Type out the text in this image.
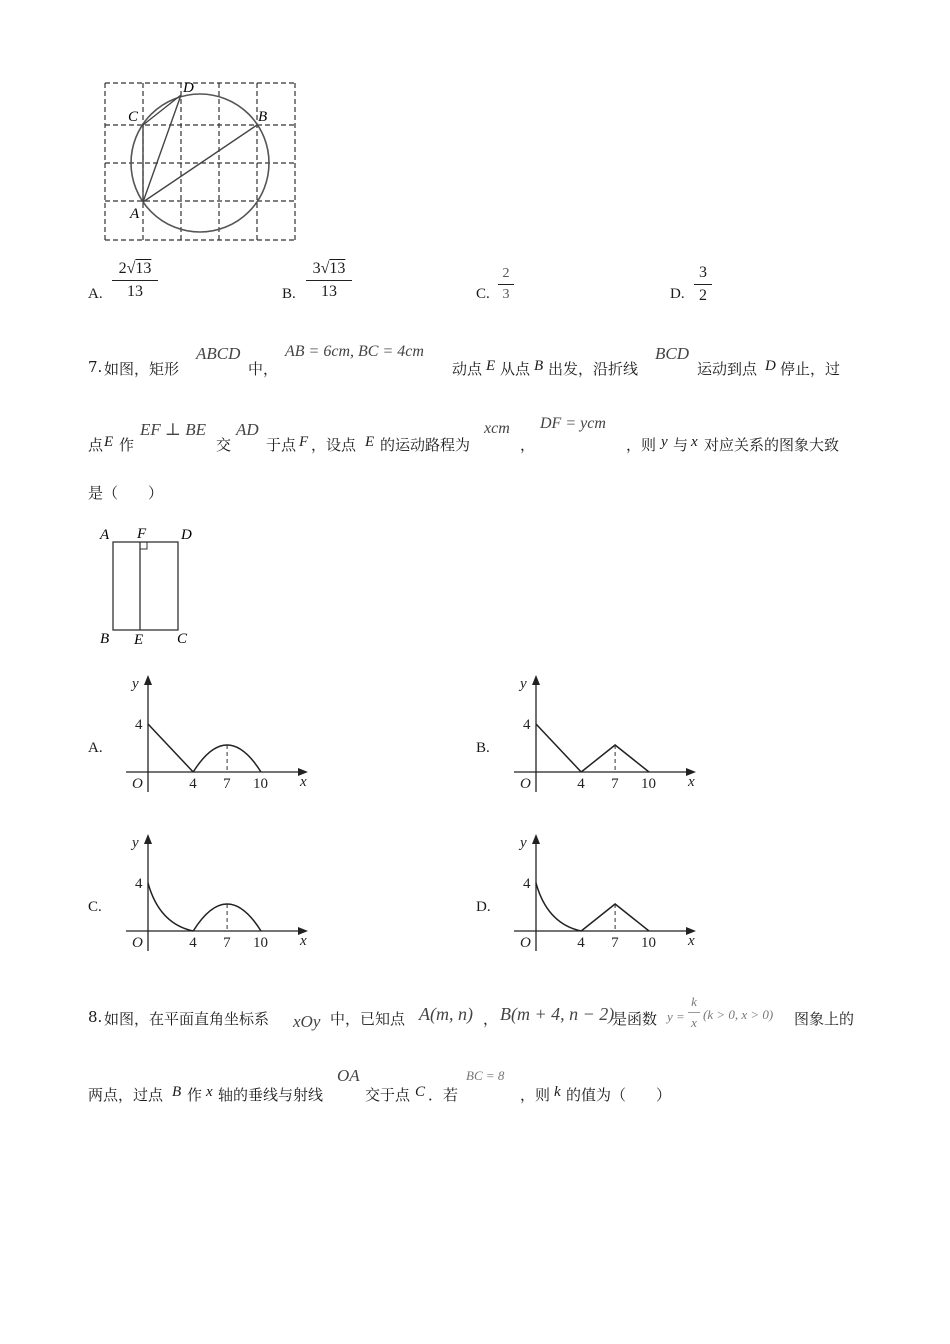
C
D
B
A
A.
2√13
13	B.
3√13
13	C.
2
3	D.
3
2
7. 如图，矩形
ABCD
中，
AB = 6cm, BC = 4cm
动点 E 从点 B 出发，沿折线
BCD
运动到点 D 停止，过
点 E 作
EF ⊥ BE
交
AD
于点 F ，设点 E 的运动路程为
xcm
，
DF = ycm
，则 y 与 x 对应关系的图象大致
是（　　）
A F D
B E C
A.
y
x
O
4
4 7 10
B.
y
x
O
4
4 7 10
C.
y
x
O
4
4 7 10
D.
y
x
O
4
4 7 10
8. 如图，在平面直角坐标系 xOy 中，已知点 A(m, n) ， B(m + 4, n − 2)
是函数 y =
k
x
(k > 0, x > 0) 图象上的
两点，过点 B 作 x 轴的垂线与射线
OA
交于点 C ．若
BC = 8
，则 k 的值为（　　）
